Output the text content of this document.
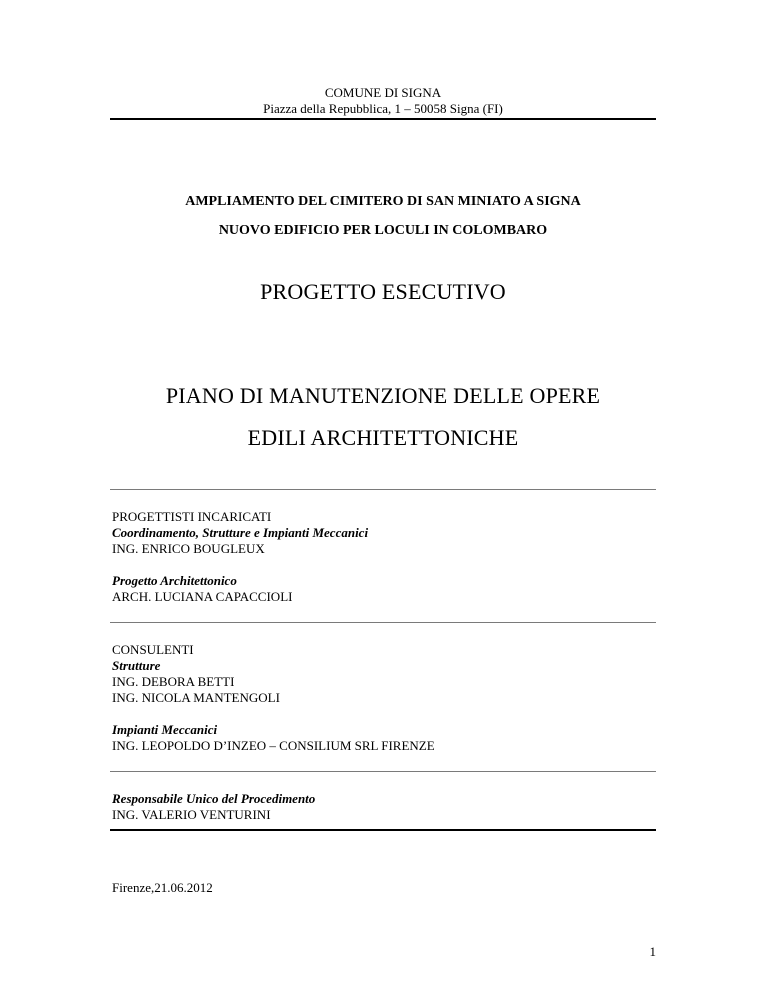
COMUNE DI SIGNA
Piazza della Repubblica, 1 – 50058 Signa (FI)
AMPLIAMENTO DEL CIMITERO DI SAN MINIATO A SIGNA
NUOVO EDIFICIO PER LOCULI IN COLOMBARO
PROGETTO ESECUTIVO
PIANO DI MANUTENZIONE DELLE OPERE
EDILI ARCHITETTONICHE
PROGETTISTI INCARICATI
Coordinamento, Strutture e Impianti Meccanici
ING. ENRICO BOUGLEUX
Progetto Architettonico
ARCH. LUCIANA CAPACCIOLI
CONSULENTI
Strutture
ING. DEBORA BETTI
ING. NICOLA MANTENGOLI
Impianti Meccanici
ING. LEOPOLDO D’INZEO – CONSILIUM SRL FIRENZE
Responsabile Unico del Procedimento
ING. VALERIO VENTURINI
Firenze,21.06.2012
1
